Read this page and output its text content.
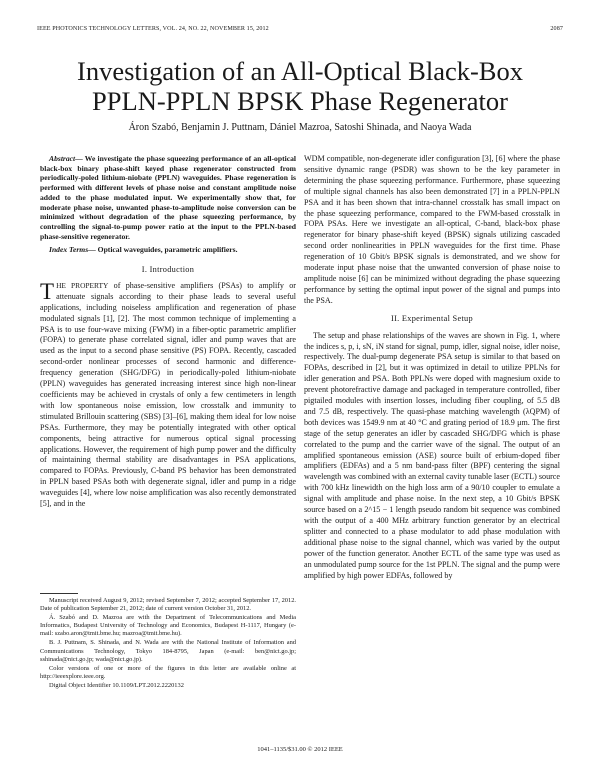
IEEE PHOTONICS TECHNOLOGY LETTERS, VOL. 24, NO. 22, NOVEMBER 15, 2012	2087
Investigation of an All-Optical Black-Box
PPLN-PPLN BPSK Phase Regenerator
Áron Szabó, Benjamin J. Puttnam, Dániel Mazroa, Satoshi Shinada, and Naoya Wada

Abstract— We investigate the phase squeezing performance of an all-optical black-box binary phase-shift keyed phase regenerator constructed from periodically-poled lithium-niobate (PPLN) waveguides. Phase regeneration is performed with different levels of phase noise and constant amplitude noise added to the phase modulated input. We experimentally show that, for moderate phase noise, unwanted phase-to-amplitude noise conversion can be minimized without degradation of the phase squeezing performance, by controlling the signal-to-pump power ratio at the input to the PPLN-based phase-sensitive regenerator.

Index Terms— Optical waveguides, parametric amplifiers.

I. Introduction

THE PROPERTY of phase-sensitive amplifiers (PSAs) to amplify or attenuate signals according to their phase leads to several useful applications, including noiseless amplification and regeneration of phase modulated signals [1], [2]. The most common technique of implementing a PSA is to use four-wave mixing (FWM) in a fiber-optic parametric amplifier (FOPA) to generate phase correlated signal, idler and pump waves that are used as the input to a second phase sensitive (PS) FOPA. Recently, cascaded second-order nonlinear processes of second harmonic and difference-frequency generation (SHG/DFG) in periodically-poled lithium-niobate (PPLN) waveguides has generated increasing interest since high non-linear coefficients may be achieved in crystals of only a few centimeters in length with low spontaneous noise emission, low crosstalk and immunity to stimulated Brillouin scattering (SBS) [3]–[6], making them ideal for low noise PSAs. Furthermore, they may be potentially integrated with other optical components, being attractive for numerous optical signal processing applications. However, the requirement of high pump power and the difficulty of maintaining thermal stability are disadvantages in PSA applications, compared to FOPAs. Previously, C-band PS behavior has been demonstrated in PPLN based PSAs both with degenerate signal, idler and pump in a ridge waveguides [4], where low noise amplification was also recently demonstrated [5], and in the

Manuscript received August 9, 2012; revised September 7, 2012; accepted September 17, 2012. Date of publication September 21, 2012; date of current version October 31, 2012.

Á. Szabó and D. Mazroa are with the Department of Telecommunications and Media Informatics, Budapest University of Technology and Economics, Budapest H-1117, Hungary (e-mail: szabo.aron@tmit.bme.hu; mazroa@tmit.bme.hu).

B. J. Puttnam, S. Shinada, and N. Wada are with the National Institute of Information and Communications Technology, Tokyo 184-8795, Japan (e-mail: ben@nict.go.jp; sshinada@nict.go.jp; wada@nict.go.jp).

Color versions of one or more of the figures in this letter are available online at http://ieeexplore.ieee.org.

Digital Object Identifier 10.1109/LPT.2012.2220132

WDM compatible, non-degenerate idler configuration [3], [6] where the phase sensitive dynamic range (PSDR) was shown to be the key parameter in determining the phase squeezing performance. Furthermore, phase squeezing of multiple signal channels has also been demonstrated [7] in a PPLN-PPLN PSA and it has been shown that intra-channel crosstalk has small impact on the phase squeezing performance, compared to the FWM-based crosstalk in FOPA PSAs. Here we investigate an all-optical, C-band, black-box phase regenerator for binary phase-shift keyed (BPSK) signals utilizing cascaded second order nonlinearities in PPLN waveguides for the first time. Phase regeneration of 10 Gbit/s BPSK signals is demonstrated, and we show for moderate input phase noise that the unwanted conversion of phase noise to amplitude noise [6] can be minimized without degrading the phase squeezing performance by setting the optimal input power of the signal and pumps into the PSA.

II. Experimental Setup

The setup and phase relationships of the waves are shown in Fig. 1, where the indices s, p, i, sN, iN stand for signal, pump, idler, signal noise, idler noise, respectively. The dual-pump degenerate PSA setup is similar to that based on FOPAs, described in [2], but it was optimized in detail to utilize PPLNs for idler generation and PSA. Both PPLNs were doped with magnesium oxide to prevent photorefractive damage and packaged in temperature controlled, fiber pigtailed modules with insertion losses, including fiber coupling, of 5.5 dB and 7.5 dB, respectively. The quasi-phase matching wavelength (λQPM) of both devices was 1549.9 nm at 40 °C and grating period of 18.9 μm. The first stage of the setup generates an idler by cascaded SHG/DFG which is phase correlated to the pump and the carrier wave of the signal. The output of an amplified spontaneous emission (ASE) source built of erbium-doped fiber amplifiers (EDFAs) and a 5 nm band-pass filter (BPF) centering the signal wavelength was combined with an external cavity tunable laser (ECTL) source with 700 kHz linewidth on the high loss arm of a 90/10 coupler to emulate a signal with amplitude and phase noise. In the next step, a 10 Gbit/s BPSK source based on a 2^15 − 1 length pseudo random bit sequence was combined with the output of a 400 MHz arbitrary function generator by an electrical splitter and connected to a phase modulator to add phase modulation with additional phase noise to the signal channel, which was varied by the output power of the function generator. Another ECTL of the same type was used as an unmodulated pump source for the 1st PPLN. The signal and the pump were amplified by high power EDFAs, followed by

1041–1135/$31.00 © 2012 IEEE
